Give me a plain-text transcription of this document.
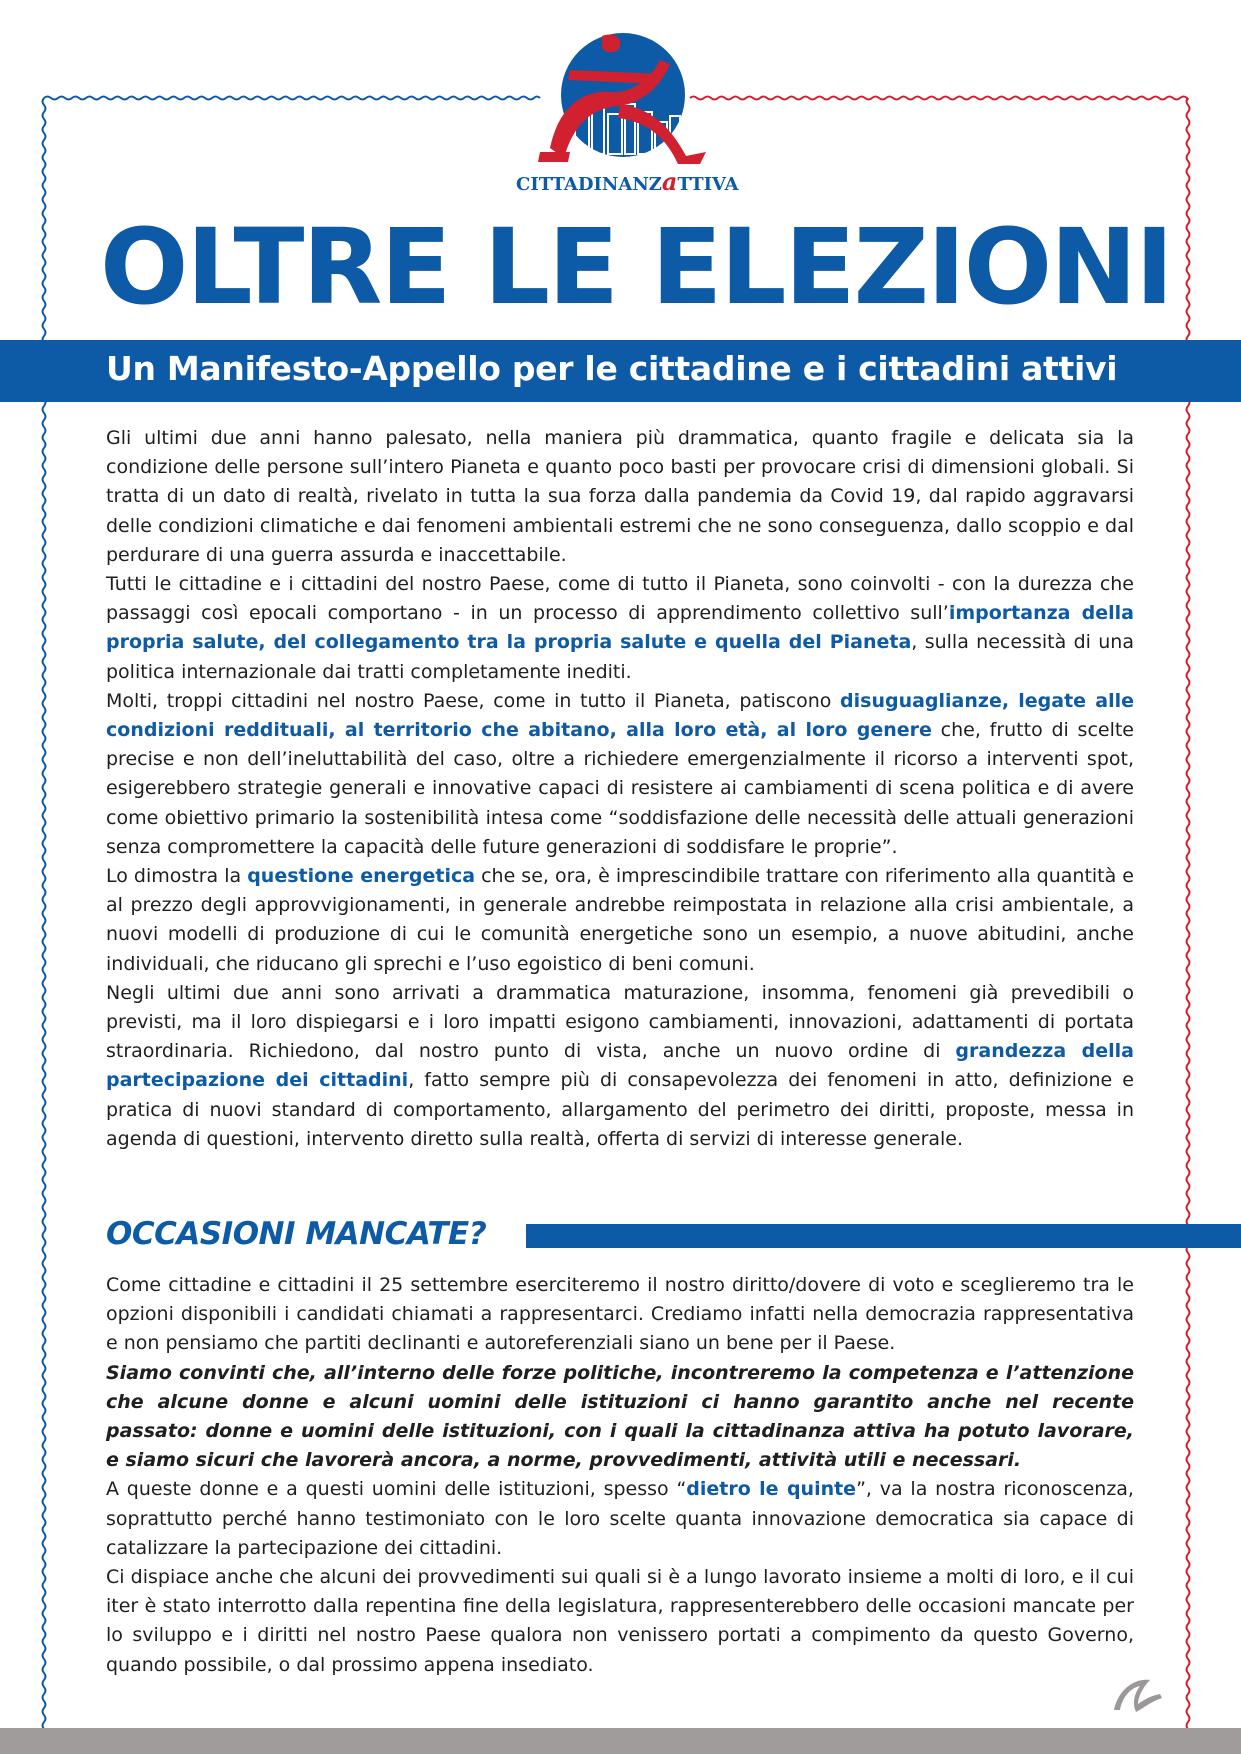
CITTADINANZaTTIVA
OLTRE LE ELEZIONI
Un Manifesto-Appello per le cittadine e i cittadini attivi

Gli ultimi due anni hanno palesato, nella maniera più drammatica, quanto fragile e delicata sia la condizione delle persone sull’intero Pianeta e quanto poco basti per provocare crisi di dimensioni globali. Si tratta di un dato di realtà, rivelato in tutta la sua forza dalla pandemia da Covid 19, dal rapido aggravarsi delle condizioni climatiche e dai fenomeni ambientali estremi che ne sono conseguenza, dallo scoppio e dal perdurare di una guerra assurda e inaccettabile.

Tutti le cittadine e i cittadini del nostro Paese, come di tutto il Pianeta, sono coinvolti - con la durezza che passaggi così epocali comportano - in un processo di apprendimento collettivo sull’importanza della propria salute, del collegamento tra la propria salute e quella del Pianeta, sulla necessità di una politica internazionale dai tratti completamente inediti.

Molti, troppi cittadini nel nostro Paese, come in tutto il Pianeta, patiscono disuguaglianze, legate alle condizioni reddituali, al territorio che abitano, alla loro età, al loro genere che, frutto di scelte precise e non dell’ineluttabilità del caso, oltre a richiedere emergenzialmente il ricorso a interventi spot, esigerebbero strategie generali e innovative capaci di resistere ai cambiamenti di scena politica e di avere come obiettivo primario la sostenibilità intesa come “soddisfazione delle necessità delle attuali generazioni senza compromettere la capacità delle future generazioni di soddisfare le proprie”.

Lo dimostra la questione energetica che se, ora, è imprescindibile trattare con riferimento alla quantità e al prezzo degli approvvigionamenti, in generale andrebbe reimpostata in relazione alla crisi ambientale, a nuovi modelli di produzione di cui le comunità energetiche sono un esempio, a nuove abitudini, anche individuali, che riducano gli sprechi e l’uso egoistico di beni comuni.

Negli ultimi due anni sono arrivati a drammatica maturazione, insomma, fenomeni già prevedibili o previsti, ma il loro dispiegarsi e i loro impatti esigono cambiamenti, innovazioni, adattamenti di portata straordinaria. Richiedono, dal nostro punto di vista, anche un nuovo ordine di grandezza della partecipazione dei cittadini, fatto sempre più di consapevolezza dei fenomeni in atto, definizione e pratica di nuovi standard di comportamento, allargamento del perimetro dei diritti, proposte, messa in agenda di questioni, intervento diretto sulla realtà, offerta di servizi di interesse generale.

OCCASIONI MANCATE?

Come cittadine e cittadini il 25 settembre eserciteremo il nostro diritto/dovere di voto e sceglieremo tra le opzioni disponibili i candidati chiamati a rappresentarci. Crediamo infatti nella democrazia rappresentativa e non pensiamo che partiti declinanti e autoreferenziali siano un bene per il Paese.

Siamo convinti che, all’interno delle forze politiche, incontreremo la competenza e l’attenzione che alcune donne e alcuni uomini delle istituzioni ci hanno garantito anche nel recente passato: donne e uomini delle istituzioni, con i quali la cittadinanza attiva ha potuto lavorare, e siamo sicuri che lavorerà ancora, a norme, provvedimenti, attività utili e necessari.

A queste donne e a questi uomini delle istituzioni, spesso “dietro le quinte”, va la nostra riconoscenza, soprattutto perché hanno testimoniato con le loro scelte quanta innovazione democratica sia capace di catalizzare la partecipazione dei cittadini.

Ci dispiace anche che alcuni dei provvedimenti sui quali si è a lungo lavorato insieme a molti di loro, e il cui iter è stato interrotto dalla repentina fine della legislatura, rappresenterebbero delle occasioni mancate per lo sviluppo e i diritti nel nostro Paese qualora non venissero portati a compimento da questo Governo, quando possibile, o dal prossimo appena insediato.
